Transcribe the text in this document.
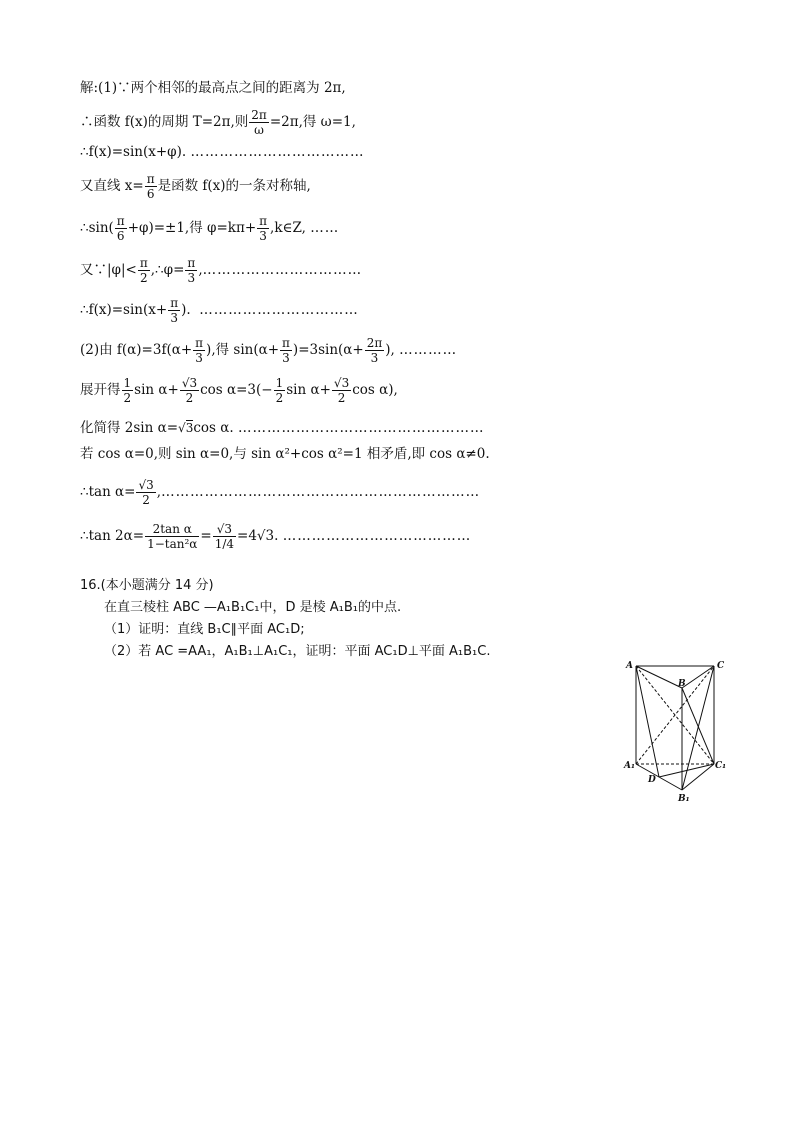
解:(1)∵两个相邻的最高点之间的距离为 2π,
∴函数 f(x)的周期 T=2π,则 $\frac{2\pi}{\omega} =2\pi$,得 ω=1,
∴f(x)=sin(x+φ). ………………………………
又直线 $x= \frac{\pi}{6}$ 是函数 f(x)的一条对称轴,
∴sin( $\frac{\pi}{6} +\varphi)=\pm 1$,得 $\varphi=k\pi+ \frac{\pi}{3}$ ,k∈Z, ……
又∵|φ|< $\frac{\pi}{2}$ ,∴φ= $\frac{\pi}{3}$ ,……………………………
∴f(x)=sin(x+ $\frac{\pi}{3}$ ). ……………………………
(2)由 $f(\alpha)=3f(\alpha+ \frac{\pi}{3}$ ),得 $\sin(\alpha+ \frac{\pi}{3} )=3\sin(\alpha+ \frac{2\pi}{3}$ ), …………
展开得 $\frac{1}{2}$ $\sin \alpha+ \frac{√3}{2}$ $\cos \alpha=3(- \frac{1}{2}$ $\sin \alpha+ \frac{√3}{2}$ cos α),
化简得 2sin α=√3cos α. ……………………………………………
若 cos α=0,则 sin α=0,与 sin α²+cos α²=1 相矛盾,即 cos α≠0.
∴tan $\alpha= \frac{√3}{2}$ ,…………………………………………………………
∴tan $2\alpha= \frac{\text{2tan α}}{\text{1−tan²α}} = \frac{√3}{1/4} =4√3$. …………………………………
16.(本小题满分 14 分)
在直三棱柱 ABC —A₁B₁C₁中，D 是棱 A₁B₁的中点.
（1）证明：直线 B₁C∥平面 AC₁D;
（2）若 AC =AA₁，A₁B₁⊥A₁C₁，证明：平面 AC₁D⊥平面 A₁B₁C.
A	C
B
A₁	C₁
D
B₁
